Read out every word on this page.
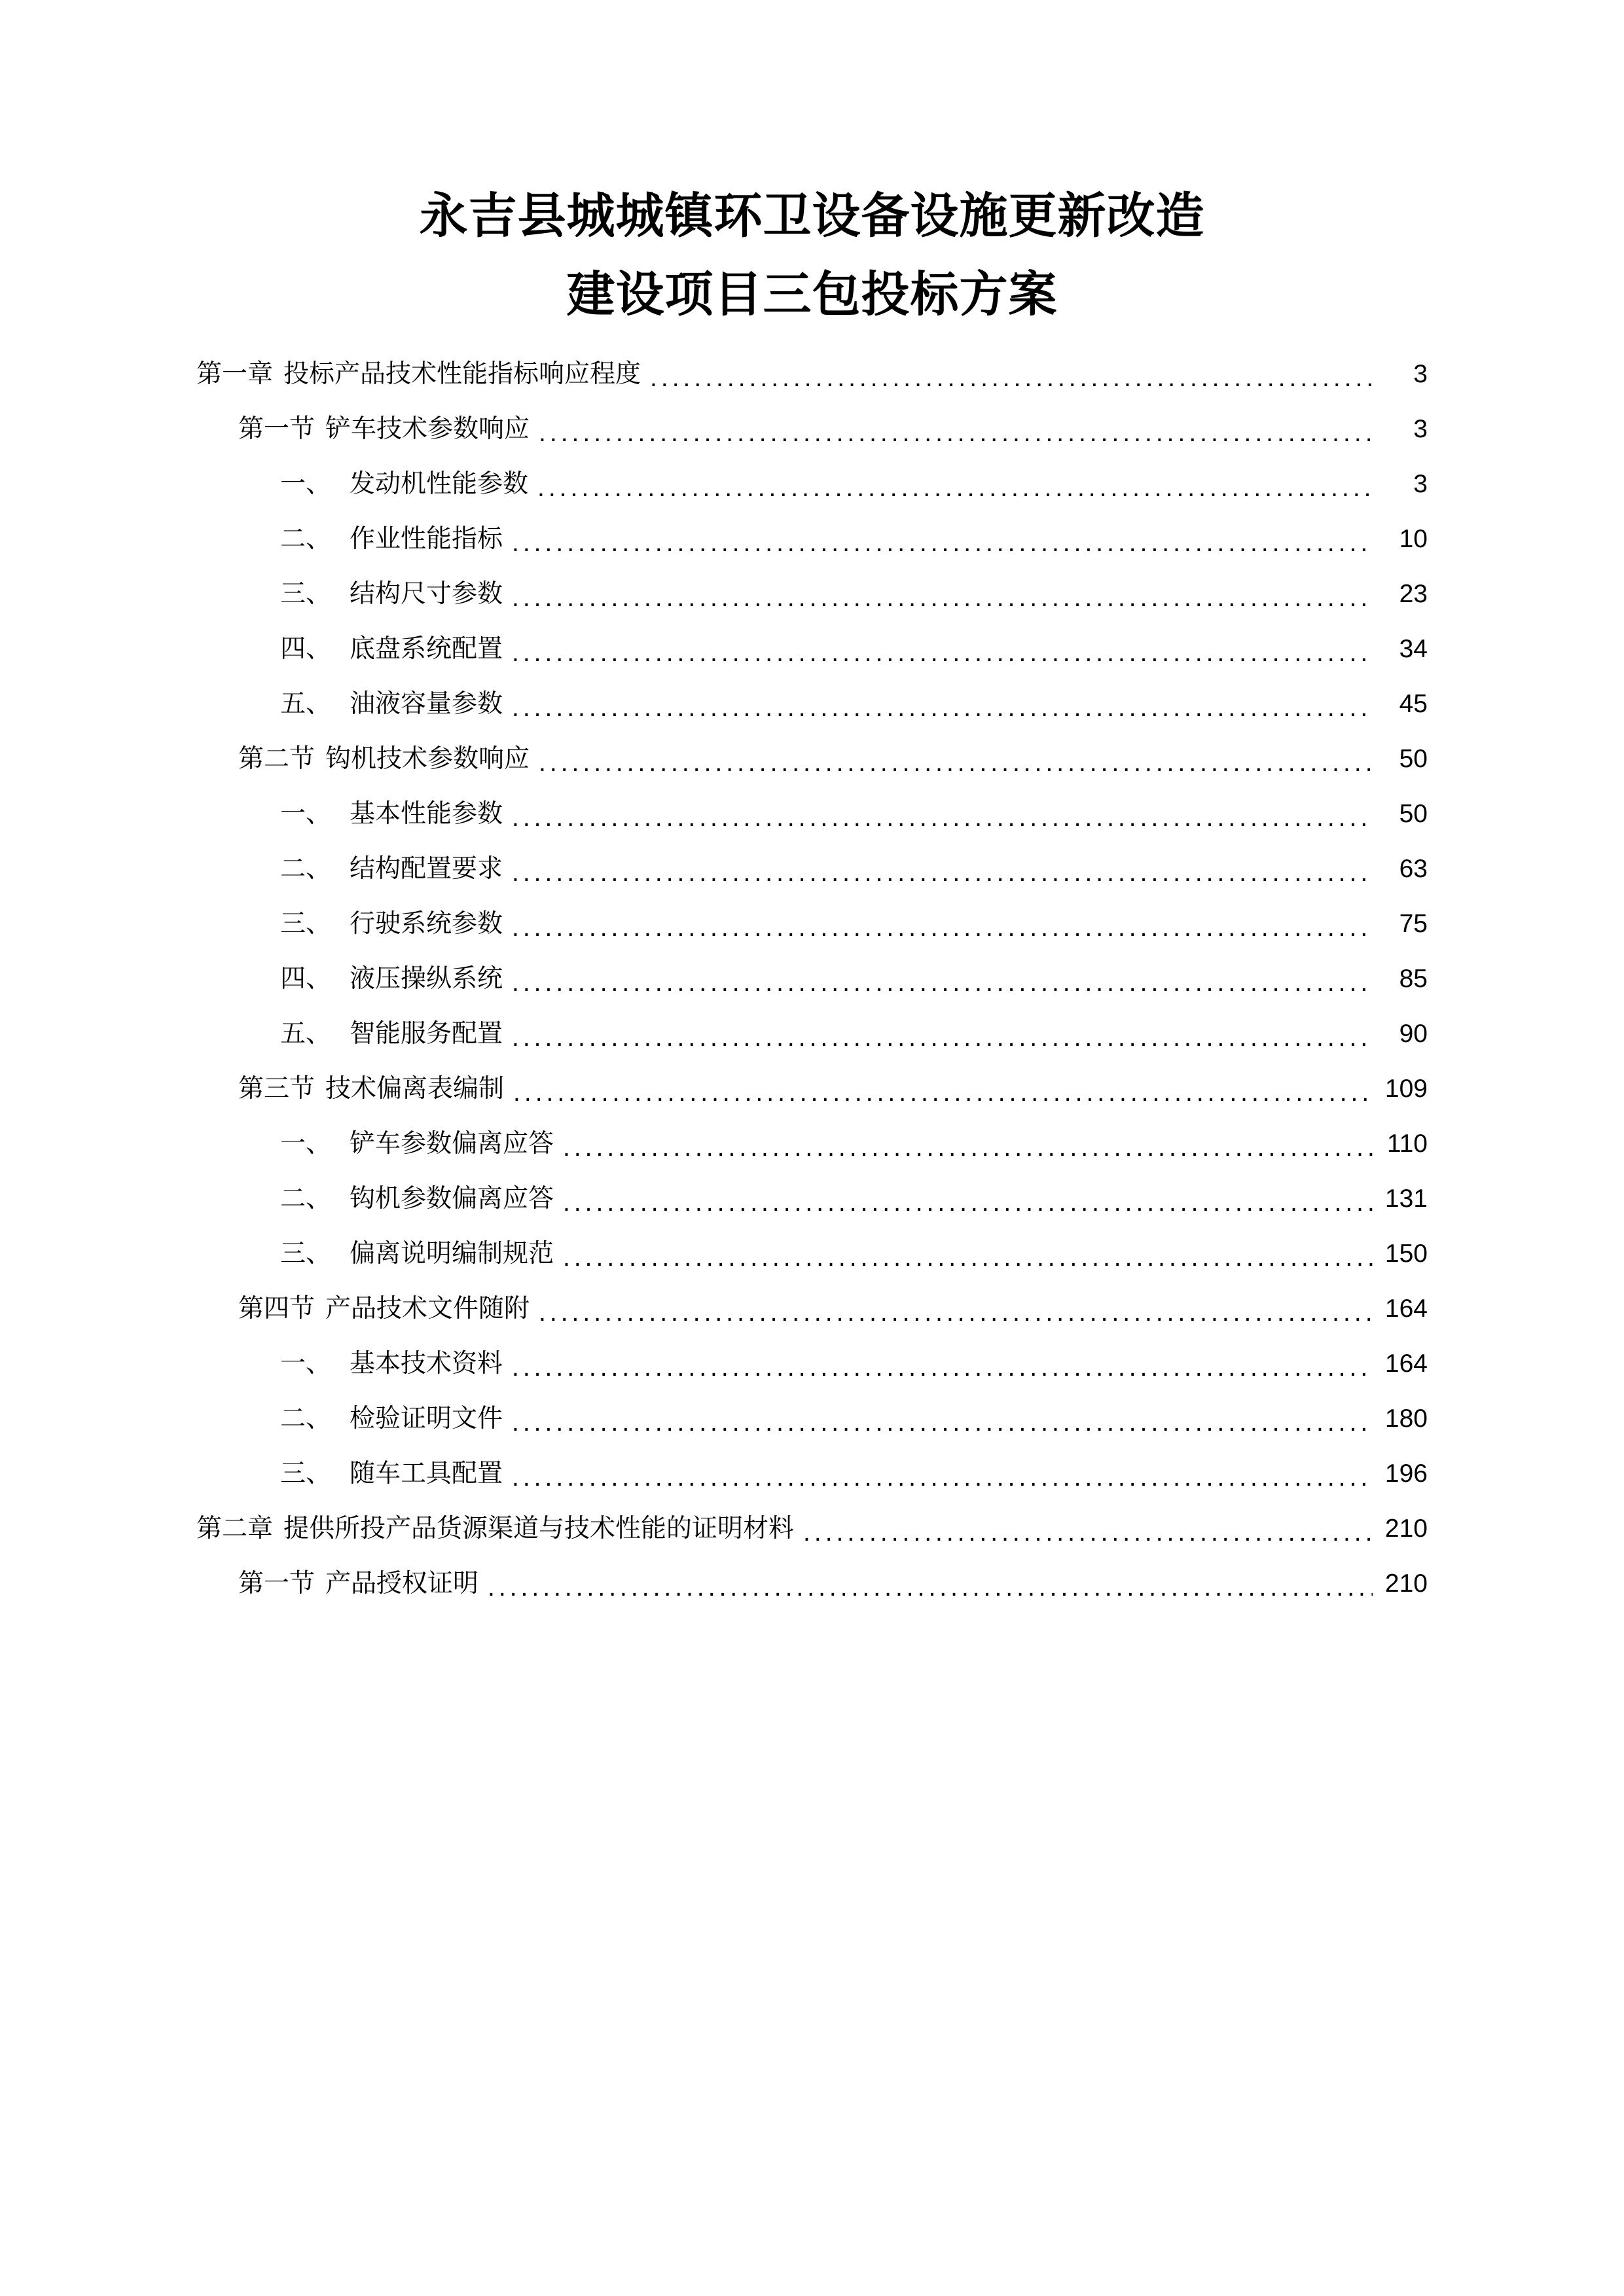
永吉县城城镇环卫设备设施更新改造
建设项目三包投标方案
第一章 投标产品技术性能指标响应程度 .....	3
第一节 铲车技术参数响应 .....	3
一、 发动机性能参数 .....	3
二、 作业性能指标 .....	10
三、 结构尺寸参数 .....	23
四、 底盘系统配置 .....	34
五、 油液容量参数 .....	45
第二节 钩机技术参数响应 .....	50
一、 基本性能参数 .....	50
二、 结构配置要求 .....	63
三、 行驶系统参数 .....	75
四、 液压操纵系统 .....	85
五、 智能服务配置 .....	90
第三节 技术偏离表编制 .....	109
一、 铲车参数偏离应答 .....	110
二、 钩机参数偏离应答 .....	131
三、 偏离说明编制规范 .....	150
第四节 产品技术文件随附 .....	164
一、 基本技术资料 .....	164
二、 检验证明文件 .....	180
三、 随车工具配置 .....	196
第二章 提供所投产品货源渠道与技术性能的证明材料 .....	210
第一节 产品授权证明 .....	210
